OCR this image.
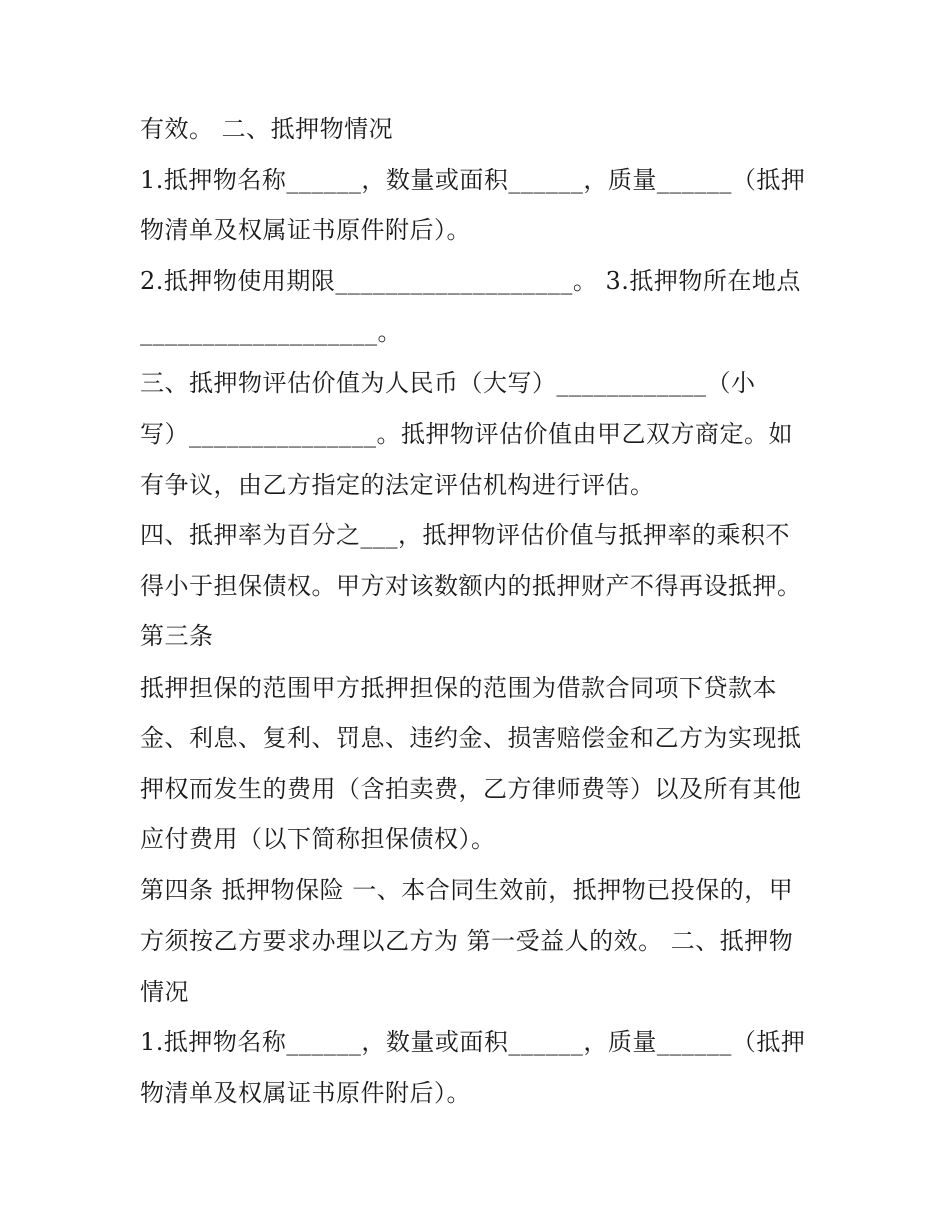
有效。 二、抵押物情况
1.抵押物名称______，数量或面积______，质量______（抵押
物清单及权属证书原件附后）。
2.抵押物使用期限___________________。 3.抵押物所在地点
___________________。
三、抵押物评估价值为人民币（大写）____________（小
写）_______________。抵押物评估价值由甲乙双方商定。如
有争议，由乙方指定的法定评估机构进行评估。
四、抵押率为百分之___，抵押物评估价值与抵押率的乘积不
得小于担保债权。甲方对该数额内的抵押财产不得再设抵押。
第三条
抵押担保的范围甲方抵押担保的范围为借款合同项下贷款本
金、利息、复利、罚息、违约金、损害赔偿金和乙方为实现抵
押权而发生的费用（含拍卖费，乙方律师费等）以及所有其他
应付费用（以下简称担保债权）。
第四条 抵押物保险 一、本合同生效前，抵押物已投保的，甲
方须按乙方要求办理以乙方为 第一受益人的效。 二、抵押物
情况
1.抵押物名称______，数量或面积______，质量______（抵押
物清单及权属证书原件附后）。
